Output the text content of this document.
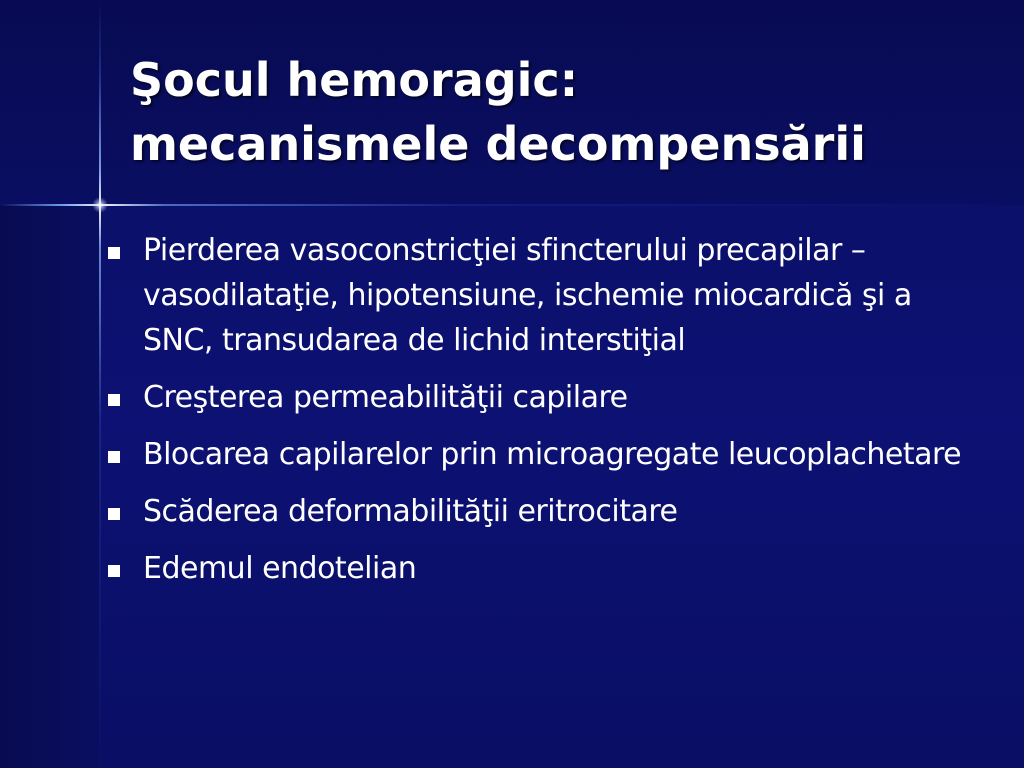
Şocul hemoragic:
mecanismele decompensării
Pierderea vasoconstricţiei sfincterului precapilar – vasodilataţie, hipotensiune, ischemie miocardică şi a SNC, transudarea de lichid interstiţial
Creşterea permeabilităţii capilare
Blocarea capilarelor prin microagregate leucoplachetare
Scăderea deformabilităţii eritrocitare
Edemul endotelian
